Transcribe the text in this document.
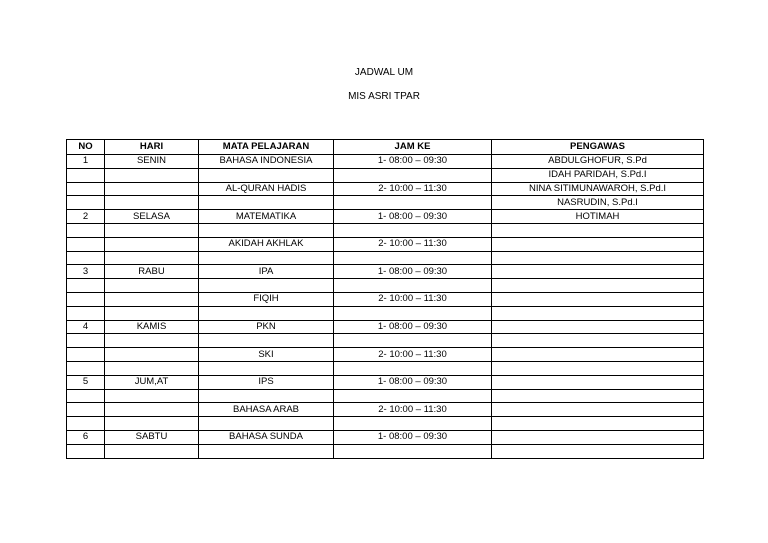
JADWAL UM
MIS ASRI TPAR
NO	HARI	MATA PELAJARAN	JAM KE	PENGAWAS
1	SENIN	BAHASA INDONESIA	1- 08:00 – 09:30	ABDULGHOFUR, S.Pd
				IDAH PARIDAH, S.Pd.I
		AL-QURAN HADIS	2- 10:00 – 11:30	NINA SITIMUNAWAROH, S.Pd.I
				NASRUDIN, S.Pd.I
2	SELASA	MATEMATIKA	1- 08:00 – 09:30	HOTIMAH

		AKIDAH AKHLAK	2- 10:00 – 11:30	

3	RABU	IPA	1- 08:00 – 09:30	

		FIQIH	2- 10:00 – 11:30	

4	KAMIS	PKN	1- 08:00 – 09:30	

		SKI	2- 10:00 – 11:30	

5	JUM,AT	IPS	1- 08:00 – 09:30	

		BAHASA ARAB	2- 10:00 – 11:30	

6	SABTU	BAHASA SUNDA	1- 08:00 – 09:30	
